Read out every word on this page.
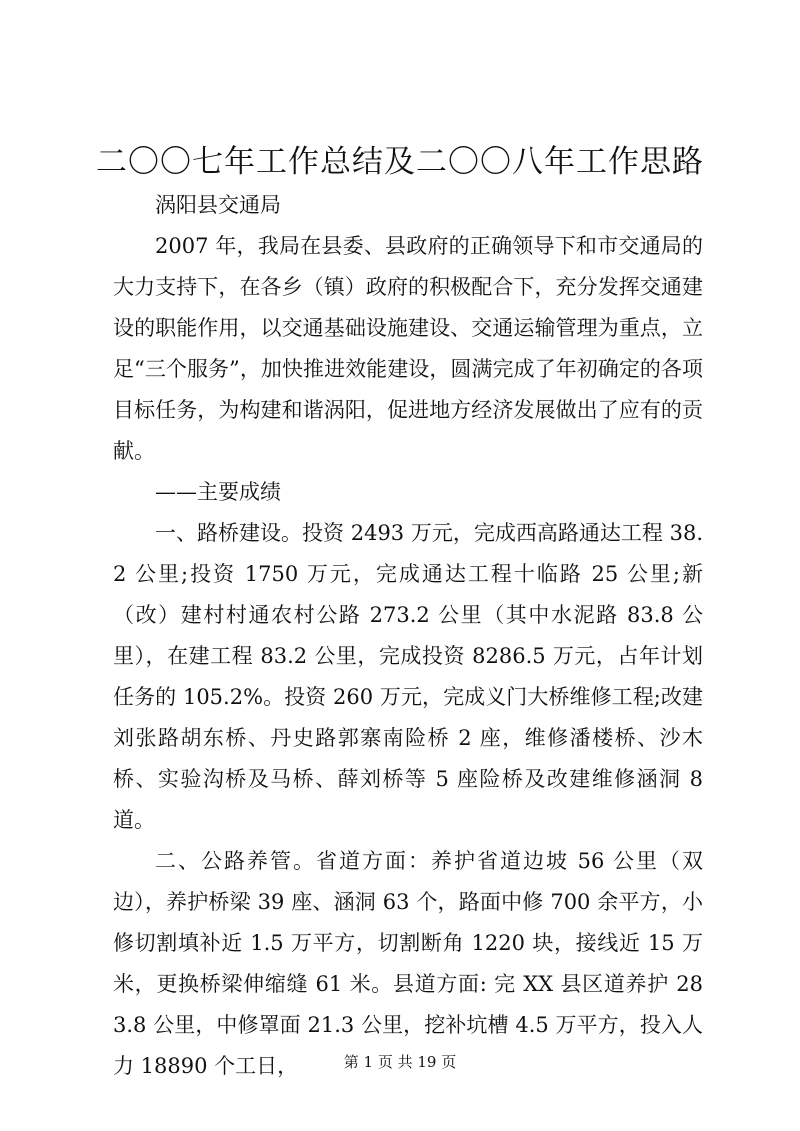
二〇〇七年工作总结及二〇〇八年工作思路

涡阳县交通局

2007 年，我局在县委、县政府的正确领导下和市交通局的大力支持下，在各乡（镇）政府的积极配合下，充分发挥交通建设的职能作用，以交通基础设施建设、交通运输管理为重点，立足“三个服务”，加快推进效能建设，圆满完成了年初确定的各项目标任务，为构建和谐涡阳，促进地方经济发展做出了应有的贡献。

——主要成绩

一、路桥建设。投资 2493 万元，完成西高路通达工程 38.2 公里;投资 1750 万元，完成通达工程十临路 25 公里;新（改）建村村通农村公路 273.2 公里（其中水泥路 83.8 公里），在建工程 83.2 公里，完成投资 8286.5 万元，占年计划任务的 105.2%。投资 260 万元，完成义门大桥维修工程;改建刘张路胡东桥、丹史路郭寨南险桥 2 座，维修潘楼桥、沙木桥、实验沟桥及马桥、薛刘桥等 5 座险桥及改建维修涵洞 8 道。

二、公路养管。省道方面：养护省道边坡 56 公里（双边），养护桥梁 39 座、涵洞 63 个，路面中修 700 余平方，小修切割填补近 1.5 万平方，切割断角 1220 块，接线近 15 万米，更换桥梁伸缩缝 61 米。县道方面: 完 XX 县区道养护 283.8 公里，中修罩面 21.3 公里，挖补坑槽 4.5 万平方，投入人力 18890 个工日，	第 1 页 共 19 页
